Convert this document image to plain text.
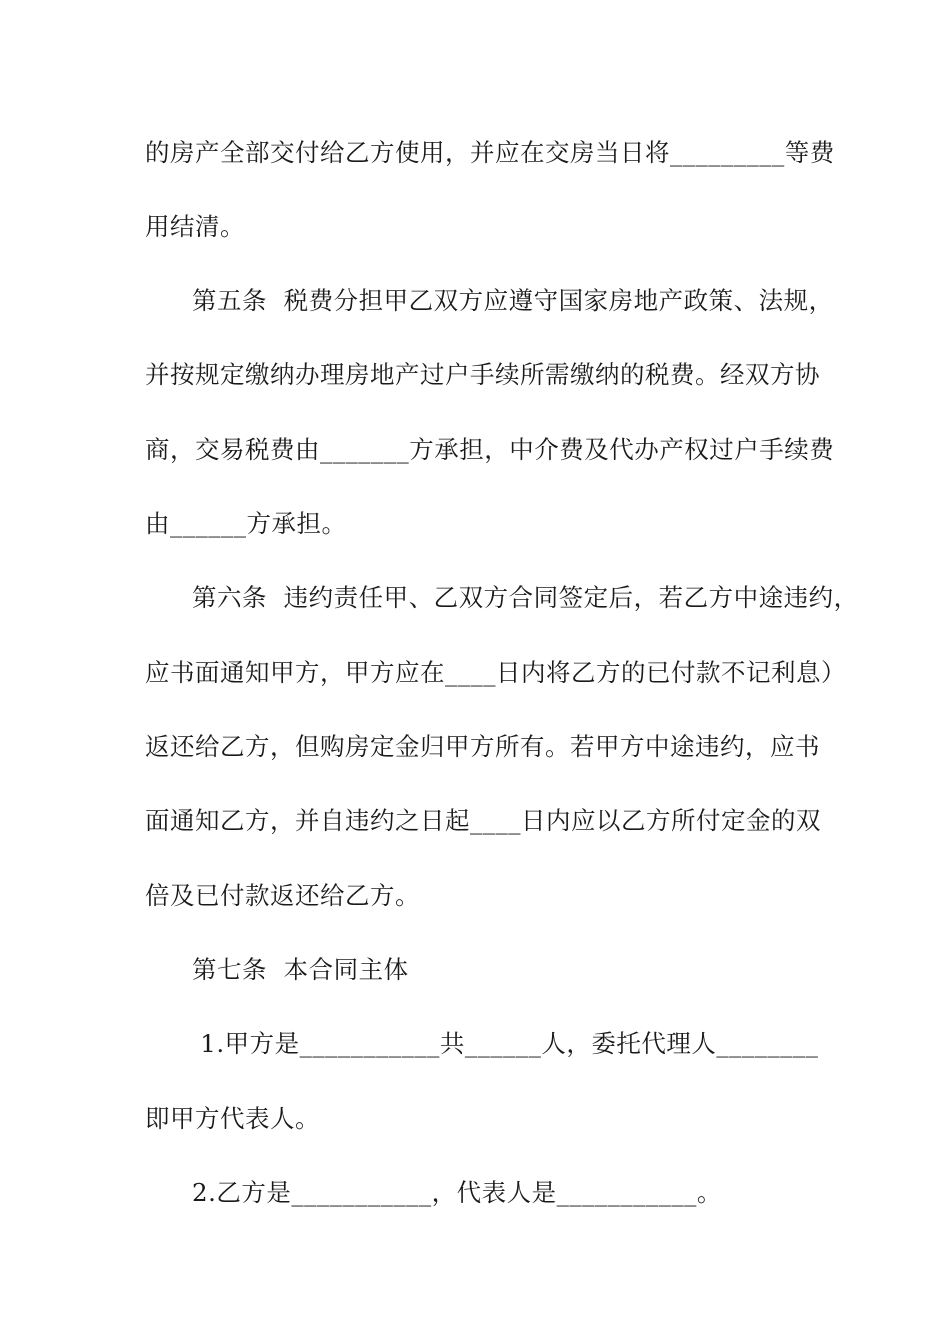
的房产全部交付给乙方使用，并应在交房当日将_________等费
用结清。
第五条  税费分担甲乙双方应遵守国家房地产政策、法规，
并按规定缴纳办理房地产过户手续所需缴纳的税费。经双方协
商，交易税费由_______方承担，中介费及代办产权过户手续费
由______方承担。
第六条  违约责任甲、乙双方合同签定后，若乙方中途违约，
应书面通知甲方，甲方应在____日内将乙方的已付款不记利息）
返还给乙方，但购房定金归甲方所有。若甲方中途违约，应书
面通知乙方，并自违约之日起____日内应以乙方所付定金的双
倍及已付款返还给乙方。
第七条  本合同主体
1.甲方是___________共______人，委托代理人________
即甲方代表人。
2.乙方是___________，代表人是___________。
